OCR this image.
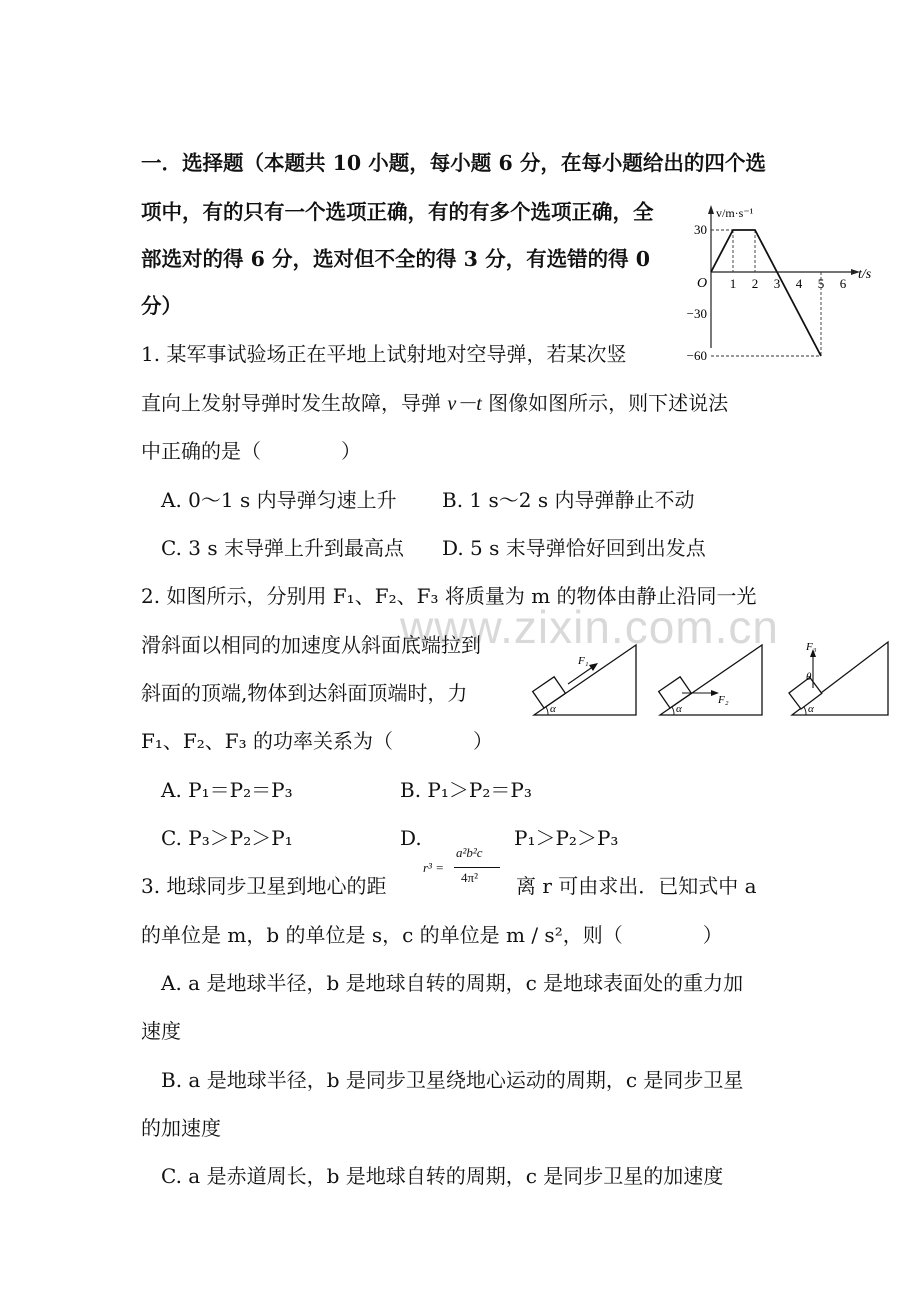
www.zixin.com.cn
一．选择题（本题共 10 小题，每小题 6 分，在每小题给出的四个选
项中，有的只有一个选项正确，有的有多个选项正确，全
部选对的得 6 分，选对但不全的得 3 分，有选错的得 0
分）
1 2 3 4 5 6
30
−30
−60
v/m·s⁻¹
t/s
O
1. 某军事试验场正在平地上试射地对空导弹，若某次竖
直向上发射导弹时发生故障，导弹 v－t 图像如图所示，则下述说法
中正确的是（　　　　）
A. 0～1 s 内导弹匀速上升 B. 1 s～2 s 内导弹静止不动
C. 3 s 末导弹上升到最高点 D. 5 s 末导弹恰好回到出发点
2. 如图所示，分别用 F₁、F₂、F₃ 将质量为 m 的物体由静止沿同一光
滑斜面以相同的加速度从斜面底端拉到
斜面的顶端,物体到达斜面顶端时，力
F₁、F₂、F₃ 的功率关系为（　　　　）
F₁
α
F₂
α
F₃
θ
α
A. P₁＝P₂＝P₃	B. P₁＞P₂＝P₃
C. P₃＞P₂＞P₁	D.	P₁＞P₂＞P₃
3. 地球同步卫星到地心的距
r³ =
a²b²c
4π² 离 r 可由求出．已知式中 a
的单位是 m，b 的单位是 s，c 的单位是 m / s²，则（　　　　）
A. a 是地球半径，b 是地球自转的周期，c 是地球表面处的重力加
速度
B. a 是地球半径，b 是同步卫星绕地心运动的周期，c 是同步卫星
的加速度
C. a 是赤道周长，b 是地球自转的周期，c 是同步卫星的加速度
